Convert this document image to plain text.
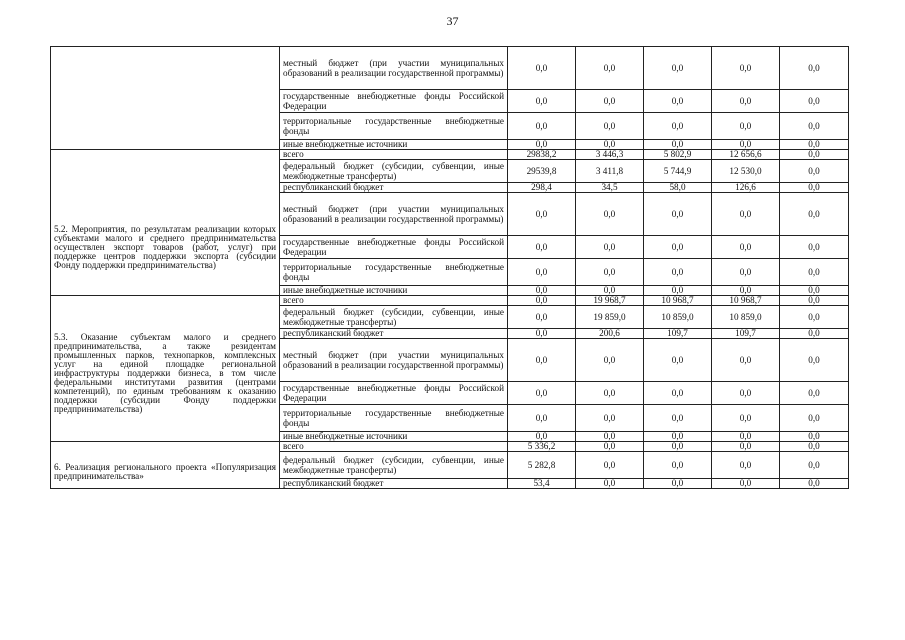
37
	местный бюджет (при участии муниципальных образований в реализации государственной программы)	0,0	0,0	0,0	0,0	0,0
	государственные внебюджетные фонды Российской Федерации	0,0	0,0	0,0	0,0	0,0
	территориальные государственные внебюджетные фонды	0,0	0,0	0,0	0,0	0,0
	иные внебюджетные источники	0,0	0,0	0,0	0,0	0,0
5.2. Мероприятия, по результатам реализации которых субъектами малого и среднего предпринимательства осуществлен экспорт товаров (работ, услуг) при поддержке центров поддержки экспорта (субсидии Фонду поддержки предпринимательства)	всего	29838,2	3 446,3	5 802,9	12 656,6	0,0
	федеральный бюджет (субсидии, субвенции, иные межбюджетные трансферты)	29539,8	3 411,8	5 744,9	12 530,0	0,0
	республиканский бюджет	298,4	34,5	58,0	126,6	0,0
	местный бюджет (при участии муниципальных образований в реализации государственной программы)	0,0	0,0	0,0	0,0	0,0
	государственные внебюджетные фонды Российской Федерации	0,0	0,0	0,0	0,0	0,0
	территориальные государственные внебюджетные фонды	0,0	0,0	0,0	0,0	0,0
	иные внебюджетные источники	0,0	0,0	0,0	0,0	0,0
5.3. Оказание субъектам малого и среднего предпринимательства, а также резидентам промышленных парков, технопарков, комплексных услуг на единой площадке региональной инфраструктуры поддержки бизнеса, в том числе федеральными институтами развития (центрами компетенций), по единым требованиям к оказанию поддержки (субсидии Фонду поддержки предпринимательства)	всего	0,0	19 968,7	10 968,7	10 968,7	0,0
	федеральный бюджет (субсидии, субвенции, иные межбюджетные трансферты)	0,0	19 859,0	10 859,0	10 859,0	0,0
	республиканский бюджет	0,0	200,6	109,7	109,7	0,0
	местный бюджет (при участии муниципальных образований в реализации государственной программы)	0,0	0,0	0,0	0,0	0,0
	государственные внебюджетные фонды Российской Федерации	0,0	0,0	0,0	0,0	0,0
	территориальные государственные внебюджетные фонды	0,0	0,0	0,0	0,0	0,0
	иные внебюджетные источники	0,0	0,0	0,0	0,0	0,0
6. Реализация регионального проекта «Популяризация предпринимательства»	всего	5 336,2	0,0	0,0	0,0	0,0
	федеральный бюджет (субсидии, субвенции, иные межбюджетные трансферты)	5 282,8	0,0	0,0	0,0	0,0
	республиканский бюджет	53,4	0,0	0,0	0,0	0,0
